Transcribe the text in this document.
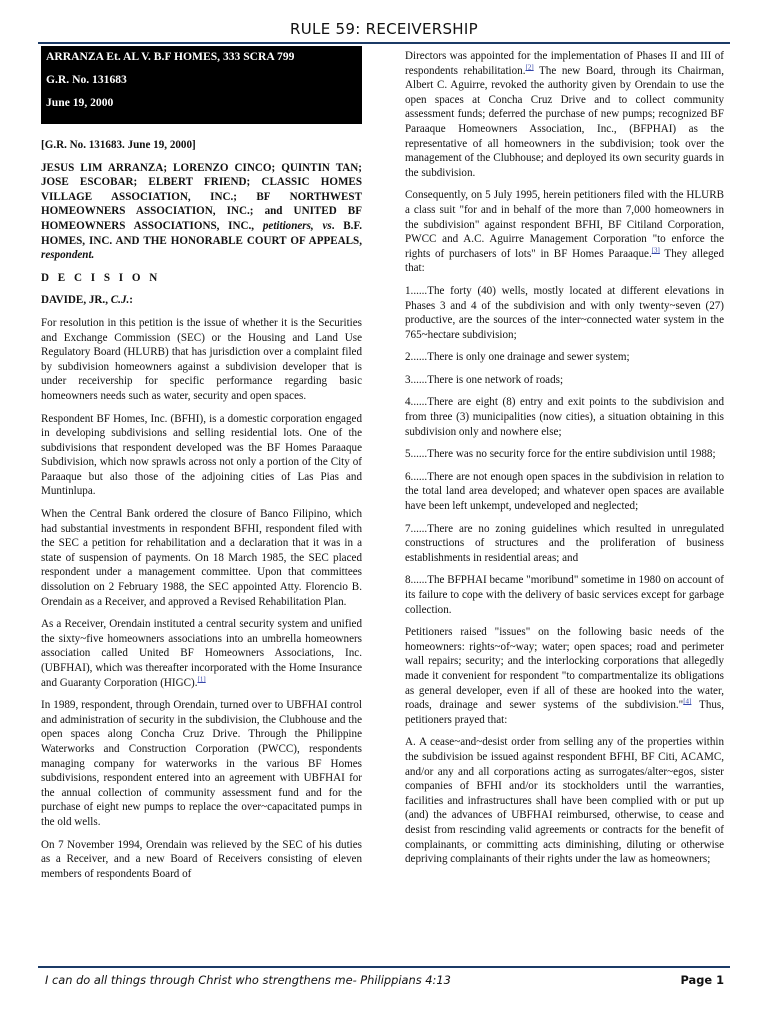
RULE 59: RECEIVERSHIP
ARRANZA Et. AL V. B.F HOMES, 333 SCRA 799
G.R. No. 131683
June 19, 2000

[G.R. No. 131683. June 19, 2000]

JESUS LIM ARRANZA; LORENZO CINCO; QUINTIN TAN; JOSE ESCOBAR; ELBERT FRIEND; CLASSIC HOMES VILLAGE ASSOCIATION, INC.; BF NORTHWEST HOMEOWNERS ASSOCIATION, INC.; and UNITED BF HOMEOWNERS ASSOCIATIONS, INC., petitioners, vs. B.F. HOMES, INC. AND THE HONORABLE COURT OF APPEALS, respondent.
D E C I S I O N
DAVIDE, JR., C.J.:

For resolution in this petition is the issue of whether it is the Securities and Exchange Commission (SEC) or the Housing and Land Use Regulatory Board (HLURB) that has jurisdiction over a complaint filed by subdivision homeowners against a subdivision developer that is under receivership for specific performance regarding basic homeowners needs such as water, security and open spaces.

Respondent BF Homes, Inc. (BFHI), is a domestic corporation engaged in developing subdivisions and selling residential lots. One of the subdivisions that respondent developed was the BF Homes Paraaque Subdivision, which now sprawls across not only a portion of the City of Paraaque but also those of the adjoining cities of Las Pias and Muntinlupa.

When the Central Bank ordered the closure of Banco Filipino, which had substantial investments in respondent BFHI, respondent filed with the SEC a petition for rehabilitation and a declaration that it was in a state of suspension of payments. On 18 March 1985, the SEC placed respondent under a management committee. Upon that committees dissolution on 2 February 1988, the SEC appointed Atty. Florencio B. Orendain as a Receiver, and approved a Revised Rehabilitation Plan.

As a Receiver, Orendain instituted a central security system and unified the sixty~five homeowners associations into an umbrella homeowners association called United BF Homeowners Associations, Inc. (UBFHAI), which was thereafter incorporated with the Home Insurance and Guaranty Corporation (HIGC).[1]

In 1989, respondent, through Orendain, turned over to UBFHAI control and administration of security in the subdivision, the Clubhouse and the open spaces along Concha Cruz Drive. Through the Philippine Waterworks and Construction Corporation (PWCC), respondents managing company for waterworks in the various BF Homes subdivisions, respondent entered into an agreement with UBFHAI for the annual collection of community assessment fund and for the purchase of eight new pumps to replace the over~capacitated pumps in the old wells.

On 7 November 1994, Orendain was relieved by the SEC of his duties as a Receiver, and a new Board of Receivers consisting of eleven members of respondents Board of

Directors was appointed for the implementation of Phases II and III of respondents rehabilitation.[2] The new Board, through its Chairman, Albert C. Aguirre, revoked the authority given by Orendain to use the open spaces at Concha Cruz Drive and to collect community assessment funds; deferred the purchase of new pumps; recognized BF Paraaque Homeowners Association, Inc., (BFPHAI) as the representative of all homeowners in the subdivision; took over the management of the Clubhouse; and deployed its own security guards in the subdivision.

Consequently, on 5 July 1995, herein petitioners filed with the HLURB a class suit "for and in behalf of the more than 7,000 homeowners in the subdivision" against respondent BFHI, BF Citiland Corporation, PWCC and A.C. Aguirre Management Corporation "to enforce the rights of purchasers of lots" in BF Homes Paraaque.[3] They alleged that:

1......The forty (40) wells, mostly located at different elevations in Phases 3 and 4 of the subdivision and with only twenty~seven (27) productive, are the sources of the inter~connected water system in the 765~hectare subdivision;

2......There is only one drainage and sewer system;

3......There is one network of roads;

4......There are eight (8) entry and exit points to the subdivision and from three (3) municipalities (now cities), a situation obtaining in this subdivision only and nowhere else;

5......There was no security force for the entire subdivision until 1988;

6......There are not enough open spaces in the subdivision in relation to the total land area developed; and whatever open spaces are available have been left unkempt, undeveloped and neglected;

7......There are no zoning guidelines which resulted in unregulated constructions of structures and the proliferation of business establishments in residential areas; and

8......The BFPHAI became "moribund" sometime in 1980 on account of its failure to cope with the delivery of basic services except for garbage collection.

Petitioners raised "issues" on the following basic needs of the homeowners: rights~of~way; water; open spaces; road and perimeter wall repairs; security; and the interlocking corporations that allegedly made it convenient for respondent "to compartmentalize its obligations as general developer, even if all of these are hooked into the water, roads, drainage and sewer systems of the subdivision."[4] Thus, petitioners prayed that:

A. A cease~and~desist order from selling any of the properties within the subdivision be issued against respondent BFHI, BF Citi, ACAMC, and/or any and all corporations acting as surrogates/alter~egos, sister companies of BFHI and/or its stockholders until the warranties, facilities and infrastructures shall have been complied with or put up (and) the advances of UBFHAI reimbursed, otherwise, to cease and desist from rescinding valid agreements or contracts for the benefit of complainants, or committing acts diminishing, diluting or otherwise depriving complainants of their rights under the law as homeowners;

I can do all things through Christ who strengthens me- Philippians 4:13	Page 1
